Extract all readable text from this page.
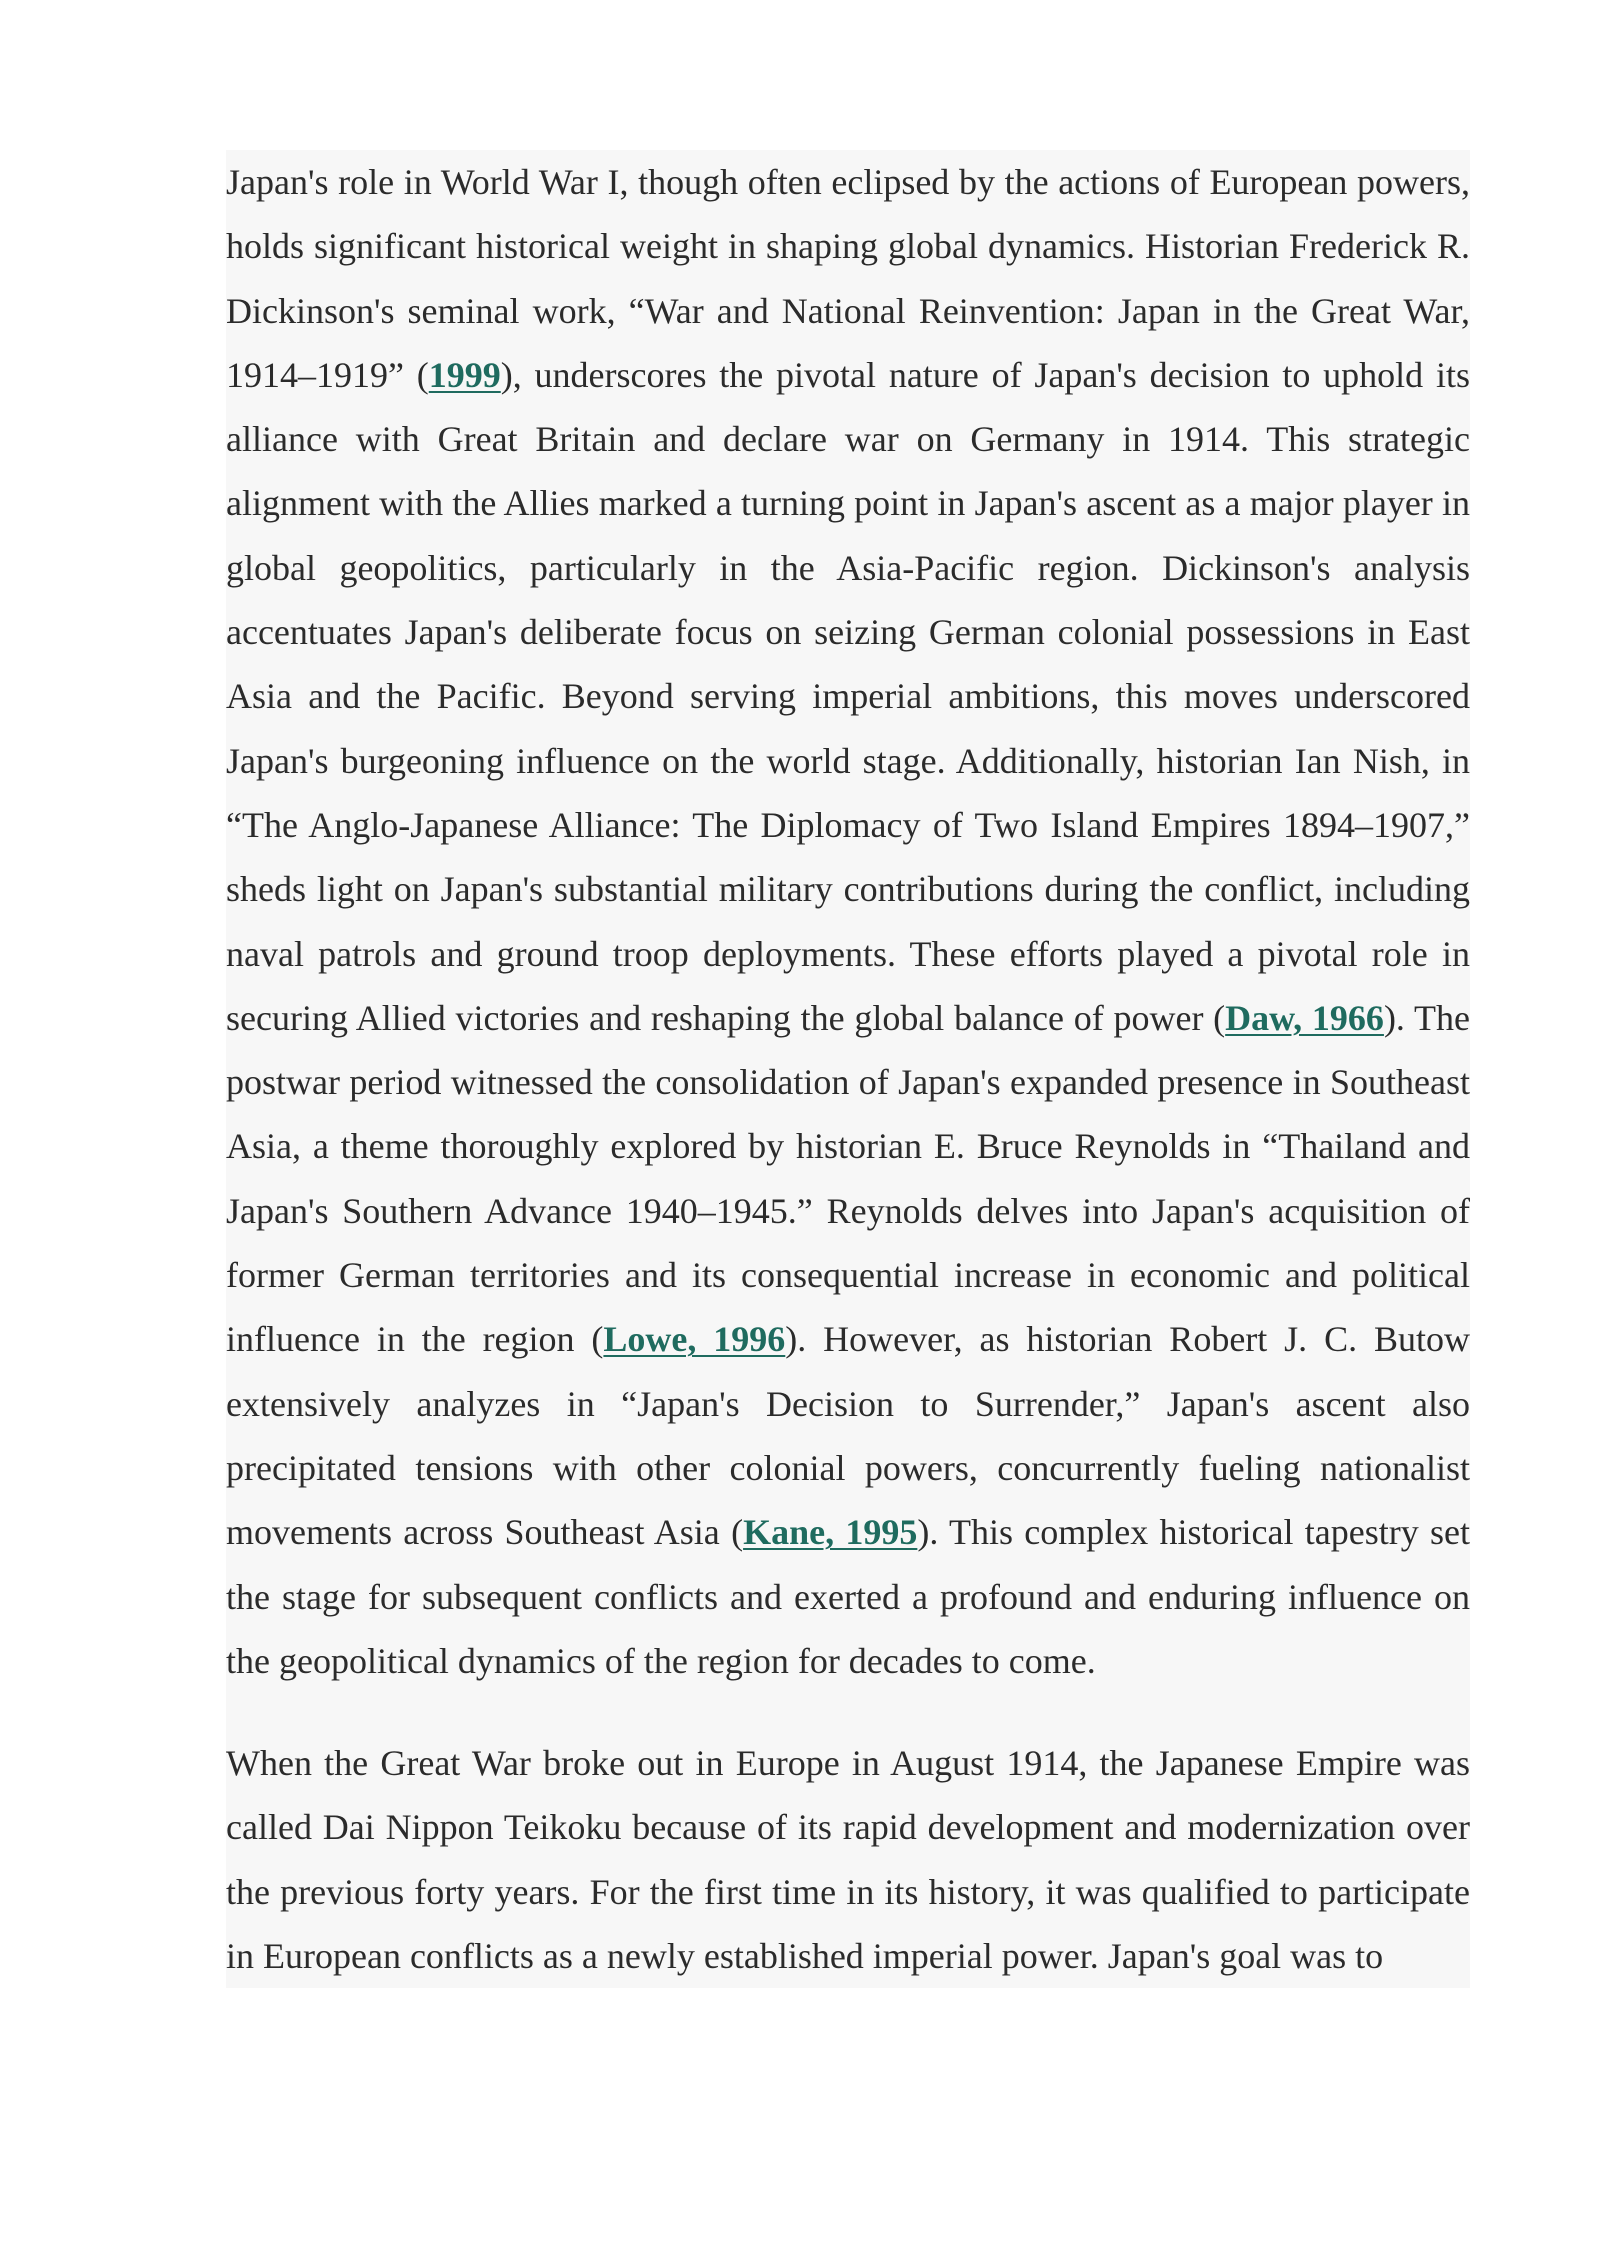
Japan's role in World War I, though often eclipsed by the actions of European powers, holds significant historical weight in shaping global dynamics. Historian Frederick R. Dickinson's seminal work, “War and National Reinvention: Japan in the Great War, 1914–1919” (1999), underscores the pivotal nature of Japan's decision to uphold its alliance with Great Britain and declare war on Germany in 1914. This strategic alignment with the Allies marked a turning point in Japan's ascent as a major player in global geopolitics, particularly in the Asia-Pacific region. Dickinson's analysis accentuates Japan's deliberate focus on seizing German colonial possessions in East Asia and the Pacific. Beyond serving imperial ambitions, this moves underscored Japan's burgeoning influence on the world stage. Additionally, historian Ian Nish, in “The Anglo-Japanese Alliance: The Diplomacy of Two Island Empires 1894–1907,” sheds light on Japan's substantial military contributions during the conflict, including naval patrols and ground troop deployments. These efforts played a pivotal role in securing Allied victories and reshaping the global balance of power (Daw, 1966). The postwar period witnessed the consolidation of Japan's expanded presence in Southeast Asia, a theme thoroughly explored by historian E. Bruce Reynolds in “Thailand and Japan's Southern Advance 1940–1945.” Reynolds delves into Japan's acquisition of former German territories and its consequential increase in economic and political influence in the region (Lowe, 1996). However, as historian Robert J. C. Butow extensively analyzes in “Japan's Decision to Surrender,” Japan's ascent also precipitated tensions with other colonial powers, concurrently fueling nationalist movements across Southeast Asia (Kane, 1995). This complex historical tapestry set the stage for subsequent conflicts and exerted a profound and enduring influence on the geopolitical dynamics of the region for decades to come.

When the Great War broke out in Europe in August 1914, the Japanese Empire was called Dai Nippon Teikoku because of its rapid development and modernization over the previous forty years. For the first time in its history, it was qualified to participate in European conflicts as a newly established imperial power. Japan's goal was to
